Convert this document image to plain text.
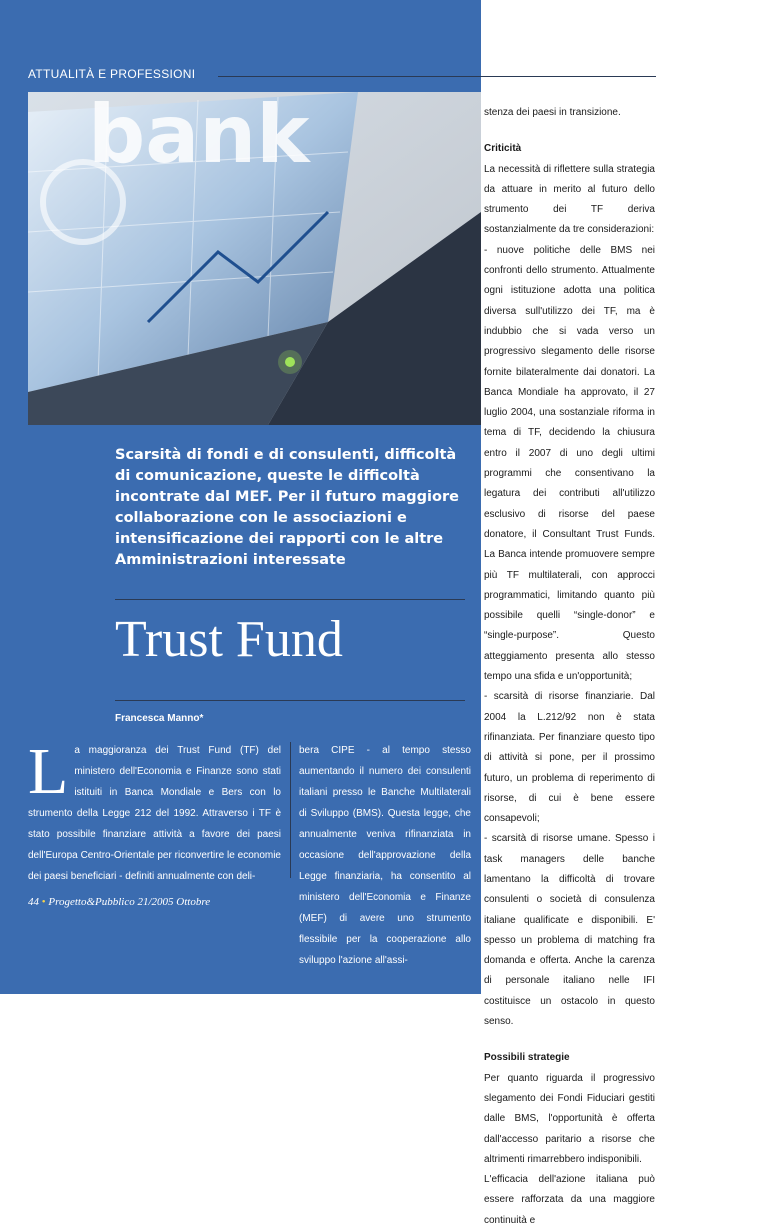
ATTUALITÀ E PROFESSIONI
bank
Scarsità di fondi e di consulenti, difficoltà di comunicazione, queste le difficoltà incontrate dal MEF. Per il futuro maggiore collaborazione con le associazioni e intensificazione dei rapporti con le altre Amministrazioni interessate
Trust Fund
Francesca Manno*
La maggioranza dei Trust Fund (TF) del ministero dell'Economia e Finanze sono stati istituiti in Banca Mondiale e Bers con lo strumento della Legge 212 del 1992. Attraverso i TF è stato possibile finanziare attività a favore dei paesi dell'Europa Centro-Orientale per riconvertire le economie dei paesi beneficiari - definiti annualmente con deli-
bera CIPE - al tempo stesso aumentando il numero dei consulenti italiani presso le Banche Multilaterali di Sviluppo (BMS). Questa legge, che annualmente veniva rifinanziata in occasione dell'approvazione della Legge finanziaria, ha consentito al ministero dell'Economia e Finanze (MEF) di avere uno strumento flessibile per la cooperazione allo sviluppo l'azione all'assi-
44 • Progetto&Pubblico 21/2005 Ottobre

stenza dei paesi in transizione.

Criticità

La necessità di riflettere sulla strategia da attuare in merito al futuro dello strumento dei TF deriva sostanzialmente da tre considerazioni:

- nuove politiche delle BMS nei confronti dello strumento. Attualmente ogni istituzione adotta una politica diversa sull'utilizzo dei TF, ma è indubbio che si vada verso un progressivo slegamento delle risorse fornite bilateralmente dai donatori. La Banca Mondiale ha approvato, il 27 luglio 2004, una sostanziale riforma in tema di TF, decidendo la chiusura entro il 2007 di uno degli ultimi programmi che consentivano la legatura dei contributi all'utilizzo esclusivo di risorse del paese donatore, il Consultant Trust Funds. La Banca intende promuovere sempre più TF multilaterali, con approcci programmatici, limitando quanto più possibile quelli “single-donor” e “single-purpose”. Questo atteggiamento presenta allo stesso tempo una sfida e un'opportunità;

- scarsità di risorse finanziarie. Dal 2004 la L.212/92 non è stata rifinanziata. Per finanziare questo tipo di attività si pone, per il prossimo futuro, un problema di reperimento di risorse, di cui è bene essere consapevoli;

- scarsità di risorse umane. Spesso i task managers delle banche lamentano la difficoltà di trovare consulenti o società di consulenza italiane qualificate e disponibili. E' spesso un problema di matching fra domanda e offerta. Anche la carenza di personale italiano nelle IFI costituisce un ostacolo in questo senso.

Possibili strategie

Per quanto riguarda il progressivo slegamento dei Fondi Fiduciari gestiti dalle BMS, l'opportunità è offerta dall'accesso paritario a risorse che altrimenti rimarrebbero indisponibili.

L'efficacia dell'azione italiana può essere rafforzata da una maggiore continuità e
